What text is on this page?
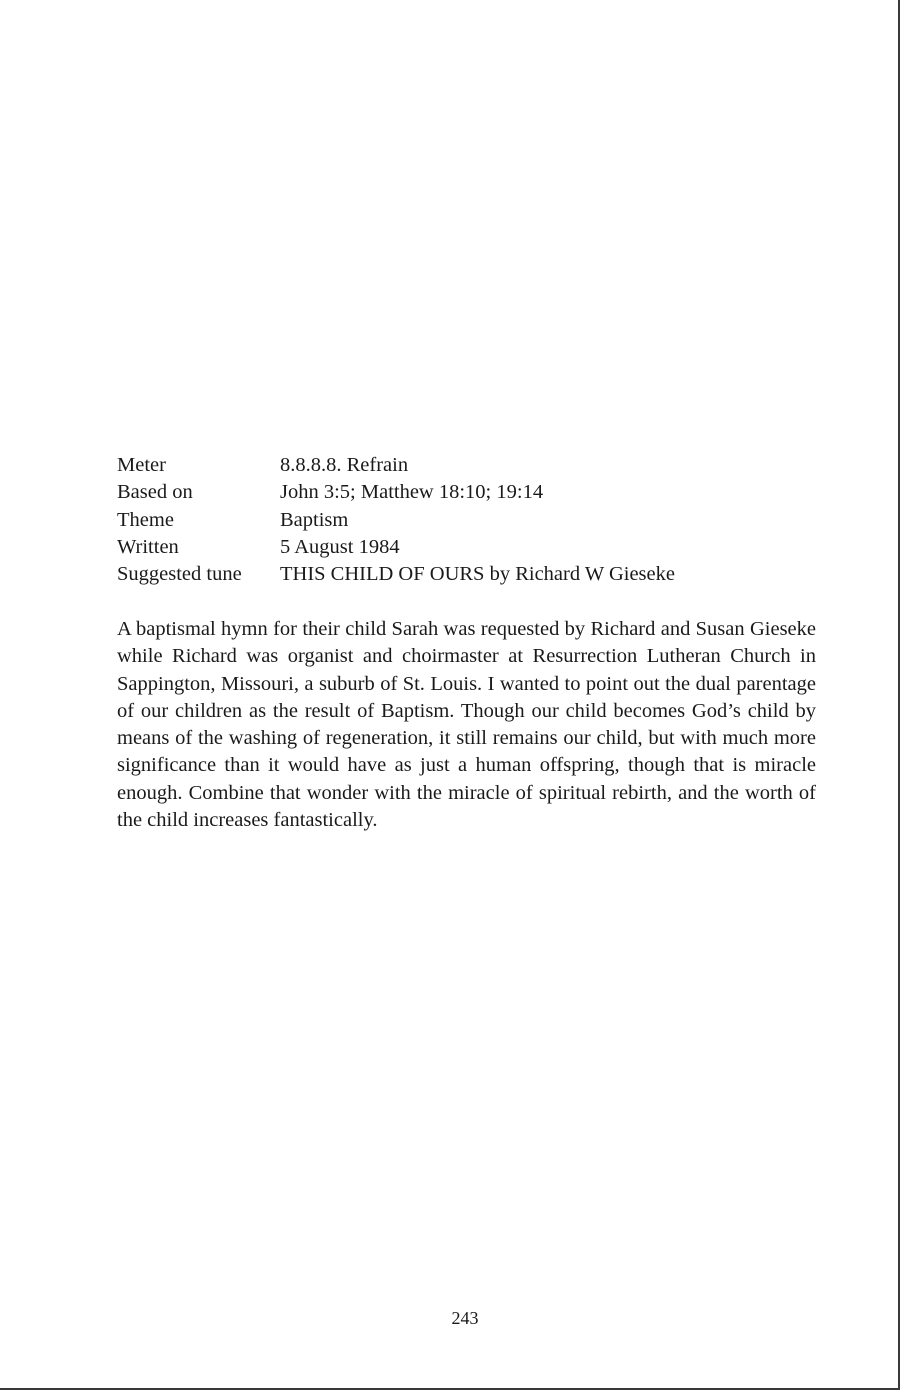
Meter	8.8.8.8. Refrain
Based on	John 3:5; Matthew 18:10; 19:14
Theme	Baptism
Written	5 August 1984
Suggested tune	THIS CHILD OF OURS by Richard W Gieseke

A baptismal hymn for their child Sarah was requested by Richard and Susan Gieseke while Richard was organist and choirmaster at Resurrection Lutheran Church in Sappington, Missouri, a suburb of St. Louis. I wanted to point out the dual parentage of our children as the result of Baptism. Though our child becomes God’s child by means of the washing of regeneration, it still remains our child, but with much more significance than it would have as just a human offspring, though that is miracle enough. Combine that wonder with the miracle of spiritual rebirth, and the worth of the child increases fantastically.

243
